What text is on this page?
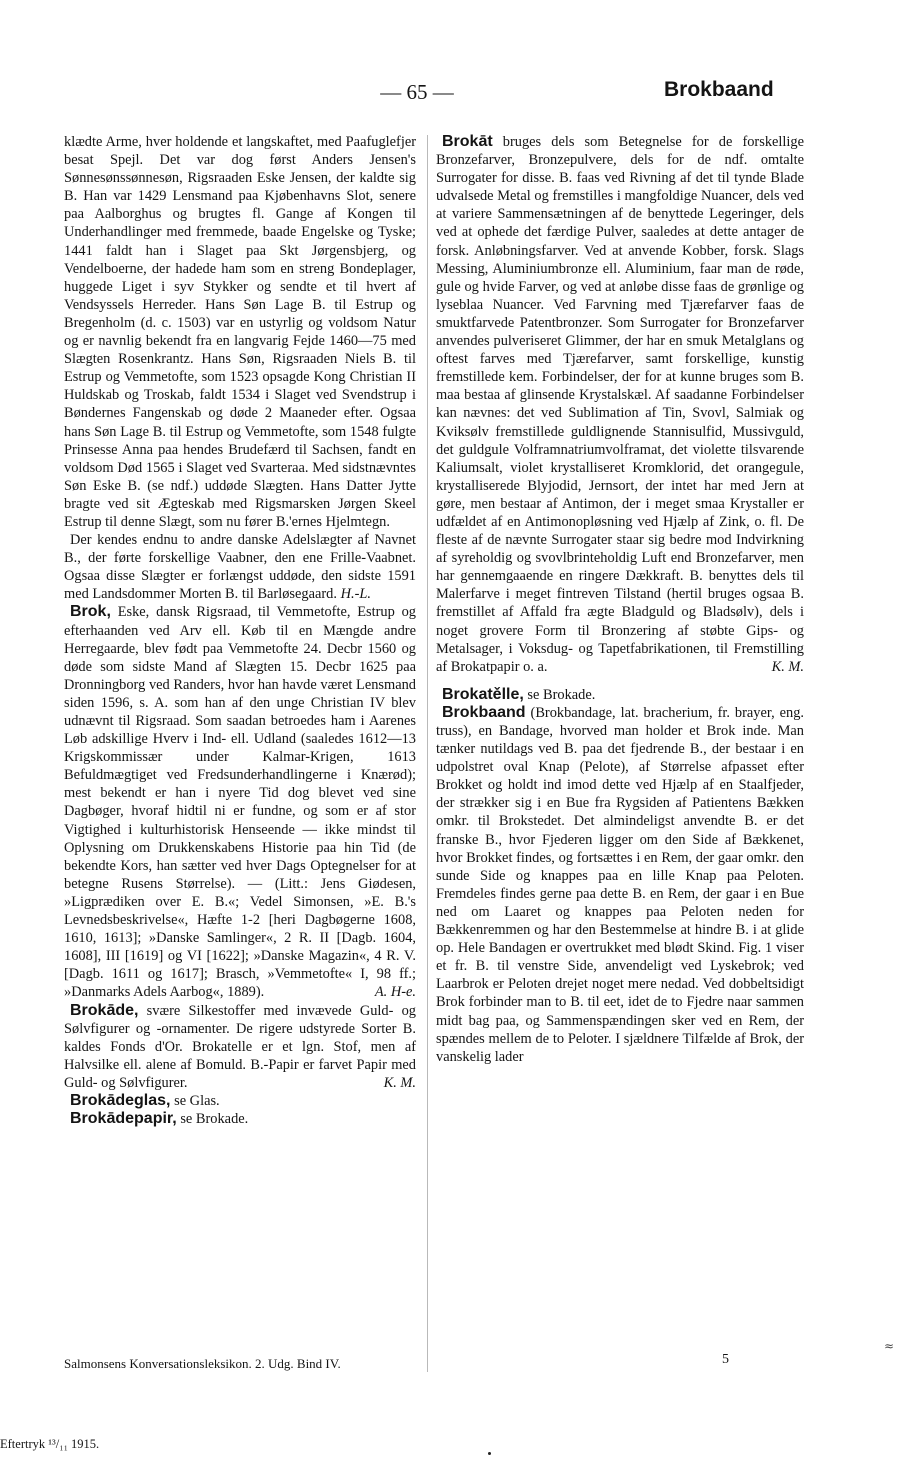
— 65 —	Brokbaand

klædte Arme, hver holdende et langskaftet, med Paafuglefjer besat Spejl. Det var dog først Anders Jensen's Sønnesønssønnesøn, Rigsraaden Eske Jensen, der kaldte sig B. Han var 1429 Lensmand paa Kjøbenhavns Slot, senere paa Aalborghus og brugtes fl. Gange af Kongen til Underhandlinger med fremmede, baade Engelske og Tyske; 1441 faldt han i Slaget paa Skt Jørgensbjerg, og Vendelboerne, der hadede ham som en streng Bondeplager, huggede Liget i syv Stykker og sendte et til hvert af Vendsyssels Herreder. Hans Søn Lage B. til Estrup og Bregenholm (d. c. 1503) var en ustyrlig og voldsom Natur og er navnlig bekendt fra en langvarig Fejde 1460—75 med Slægten Rosenkrantz. Hans Søn, Rigsraaden Niels B. til Estrup og Vemmetofte, som 1523 opsagde Kong Christian II Huldskab og Troskab, faldt 1534 i Slaget ved Svendstrup i Bøndernes Fangenskab og døde 2 Maaneder efter. Ogsaa hans Søn Lage B. til Estrup og Vemmetofte, som 1548 fulgte Prinsesse Anna paa hendes Brudefærd til Sachsen, fandt en voldsom Død 1565 i Slaget ved Svarteraa. Med sidstnævntes Søn Eske B. (se ndf.) uddøde Slægten. Hans Datter Jytte bragte ved sit Ægteskab med Rigsmarsken Jørgen Skeel Estrup til denne Slægt, som nu fører B.'ernes Hjelmtegn.

Der kendes endnu to andre danske Adelslægter af Navnet B., der førte forskellige Vaabner, den ene Frille-Vaabnet. Ogsaa disse Slægter er forlængst uddøde, den sidste 1591 med Landsdommer Morten B. til Barløsegaard. H.-L.

Brok, Eske, dansk Rigsraad, til Vemmetofte, Estrup og efterhaanden ved Arv ell. Køb til en Mængde andre Herregaarde, blev født paa Vemmetofte 24. Decbr 1560 og døde som sidste Mand af Slægten 15. Decbr 1625 paa Dronningborg ved Randers, hvor han havde været Lensmand siden 1596, s. A. som han af den unge Christian IV blev udnævnt til Rigsraad. Som saadan betroedes ham i Aarenes Løb adskillige Hverv i Ind- ell. Udland (saaledes 1612—13 Krigskommissær under Kalmar-Krigen, 1613 Befuldmægtiget ved Fredsunderhandlingerne i Knærød); mest bekendt er han i nyere Tid dog blevet ved sine Dagbøger, hvoraf hidtil ni er fundne, og som er af stor Vigtighed i kulturhistorisk Henseende — ikke mindst til Oplysning om Drukkenskabens Historie paa hin Tid (de bekendte Kors, han sætter ved hver Dags Optegnelser for at betegne Rusens Størrelse). — (Litt.: Jens Giødesen, »Ligprædiken over E. B.«; Vedel Simonsen, »E. B.'s Levnedsbeskrivelse«, Hæfte 1-2 [heri Dagbøgerne 1608, 1610, 1613]; »Danske Samlinger«, 2 R. II [Dagb. 1604, 1608], III [1619] og VI [1622]; »Danske Magazin«, 4 R. V. [Dagb. 1611 og 1617]; Brasch, »Vemmetofte« I, 98 ff.; »Danmarks Adels Aarbog«, 1889).	A. H-e.

Brokāde, svære Silkestoffer med invævede Guld- og Sølvfigurer og -ornamenter. De rigere udstyrede Sorter B. kaldes Fonds d'Or. Brokatelle er et lgn. Stof, men af Halvsilke ell. alene af Bomuld. B.-Papir er farvet Papir med Guld- og Sølvfigurer.	K. M.

Brokādeglas, se Glas.

Brokādepapir, se Brokade.

Brokāt bruges dels som Betegnelse for de forskellige Bronzefarver, Bronzepulvere, dels for de ndf. omtalte Surrogater for disse. B. faas ved Rivning af det til tynde Blade udvalsede Metal og fremstilles i mangfoldige Nuancer, dels ved at variere Sammensætningen af de benyttede Legeringer, dels ved at ophede det færdige Pulver, saaledes at dette antager de forsk. Anløbningsfarver. Ved at anvende Kobber, forsk. Slags Messing, Aluminiumbronze ell. Aluminium, faar man de røde, gule og hvide Farver, og ved at anløbe disse faas de grønlige og lyseblaa Nuancer. Ved Farvning med Tjærefarver faas de smuktfarvede Patentbronzer. Som Surrogater for Bronzefarver anvendes pulveriseret Glimmer, der har en smuk Metalglans og oftest farves med Tjærefarver, samt forskellige, kunstig fremstillede kem. Forbindelser, der for at kunne bruges som B. maa bestaa af glinsende Krystalskæl. Af saadanne Forbindelser kan nævnes: det ved Sublimation af Tin, Svovl, Salmiak og Kviksølv fremstillede guldlignende Stannisulfid, Mussivguld, det guldgule Volframnatriumvolframat, det violette tilsvarende Kaliumsalt, violet krystalliseret Kromklorid, det orangegule, krystalliserede Blyjodid, Jernsort, der intet har med Jern at gøre, men bestaar af Antimon, der i meget smaa Krystaller er udfældet af en Antimonopløsning ved Hjælp af Zink, o. fl. De fleste af de nævnte Surrogater staar sig bedre mod Indvirkning af syreholdig og svovlbrinteholdig Luft end Bronzefarver, men har gennemgaaende en ringere Dækkraft. B. benyttes dels til Malerfarve i meget fintreven Tilstand (hertil bruges ogsaa B. fremstillet af Affald fra ægte Bladguld og Bladsølv), dels i noget grovere Form til Bronzering af støbte Gips- og Metalsager, i Voksdug- og Tapetfabrikationen, til Fremstilling af Brokatpapir o. a.	K. M.

Brokatělle, se Brokade.

Brokbaand (Brokbandage, lat. bracherium, fr. brayer, eng. truss), en Bandage, hvorved man holder et Brok inde. Man tænker nutildags ved B. paa det fjedrende B., der bestaar i en udpolstret oval Knap (Pelote), af Størrelse afpasset efter Brokket og holdt ind imod dette ved Hjælp af en Staalfjeder, der strækker sig i en Bue fra Rygsiden af Patientens Bækken omkr. til Brokstedet. Det almindeligst anvendte B. er det franske B., hvor Fjederen ligger om den Side af Bækkenet, hvor Brokket findes, og fortsættes i en Rem, der gaar omkr. den sunde Side og knappes paa en lille Knap paa Peloten. Fremdeles findes gerne paa dette B. en Rem, der gaar i en Bue ned om Laaret og knappes paa Peloten neden for Bækkenremmen og har den Bestemmelse at hindre B. i at glide op. Hele Bandagen er overtrukket med blødt Skind. Fig. 1 viser et fr. B. til venstre Side, anvendeligt ved Lyskebrok; ved Laarbrok er Peloten drejet noget mere nedad. Ved dobbeltsidigt Brok forbinder man to B. til eet, idet de to Fjedre naar sammen midt bag paa, og Sammenspændingen sker ved en Rem, der spændes mellem de to Peloter. I sjældnere Tilfælde af Brok, der vanskelig lader

Salmonsens Konversationsleksikon. 2. Udg. Bind IV.	5
≈
Eftertryk ¹³/₁₁ 1915.
